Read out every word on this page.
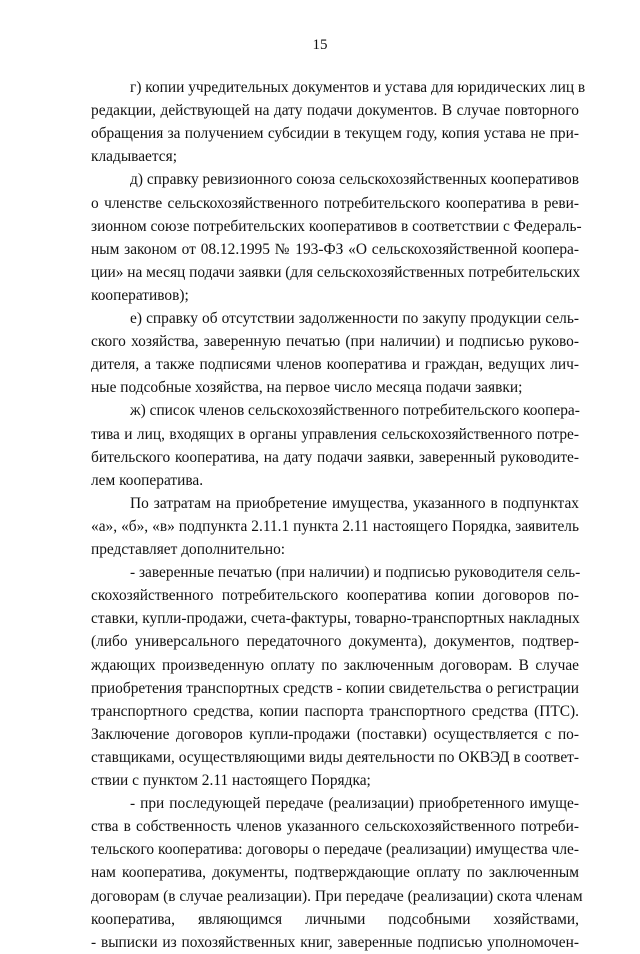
15
г) копии учредительных документов и устава для юридических лиц в
редакции, действующей на дату подачи документов. В случае повторного
обращения за получением субсидии в текущем году, копия устава не при-
кладывается;
д) справку ревизионного союза сельскохозяйственных кооперативов
о членстве сельскохозяйственного потребительского кооператива в реви-
зионном союзе потребительских кооперативов в соответствии с Федераль-
ным законом от 08.12.1995 № 193-ФЗ «О сельскохозяйственной коопера-
ции» на месяц подачи заявки (для сельскохозяйственных потребительских
кооперативов);
е) справку об отсутствии задолженности по закупу продукции сель-
ского хозяйства, заверенную печатью (при наличии) и подписью руково-
дителя, а также подписями членов кооператива и граждан, ведущих лич-
ные подсобные хозяйства, на первое число месяца подачи заявки;
ж) список членов сельскохозяйственного потребительского коопера-
тива и лиц, входящих в органы управления сельскохозяйственного потре-
бительского кооператива, на дату подачи заявки, заверенный руководите-
лем кооператива.
По затратам на приобретение имущества, указанного в подпунктах
«а», «б», «в» подпункта 2.11.1 пункта 2.11 настоящего Порядка, заявитель
представляет дополнительно:
- заверенные печатью (при наличии) и подписью руководителя сель-
скохозяйственного потребительского кооператива копии договоров по-
ставки, купли-продажи, счета-фактуры, товарно-транспортных накладных
(либо универсального передаточного документа), документов, подтвер-
ждающих произведенную оплату по заключенным договорам. В случае
приобретения транспортных средств - копии свидетельства о регистрации
транспортного средства, копии паспорта транспортного средства (ПТС).
Заключение договоров купли-продажи (поставки) осуществляется с по-
ставщиками, осуществляющими виды деятельности по ОКВЭД в соответ-
ствии с пунктом 2.11 настоящего Порядка;
- при последующей передаче (реализации) приобретенного имуще-
ства в собственность членов указанного сельскохозяйственного потреби-
тельского кооператива: договоры о передаче (реализации) имущества чле-
нам кооператива, документы, подтверждающие оплату по заключенным
договорам (в случае реализации). При передаче (реализации) скота членам
кооператива, являющимся личными подсобными хозяйствами,
- выписки из похозяйственных книг, заверенные подписью уполномочен-
